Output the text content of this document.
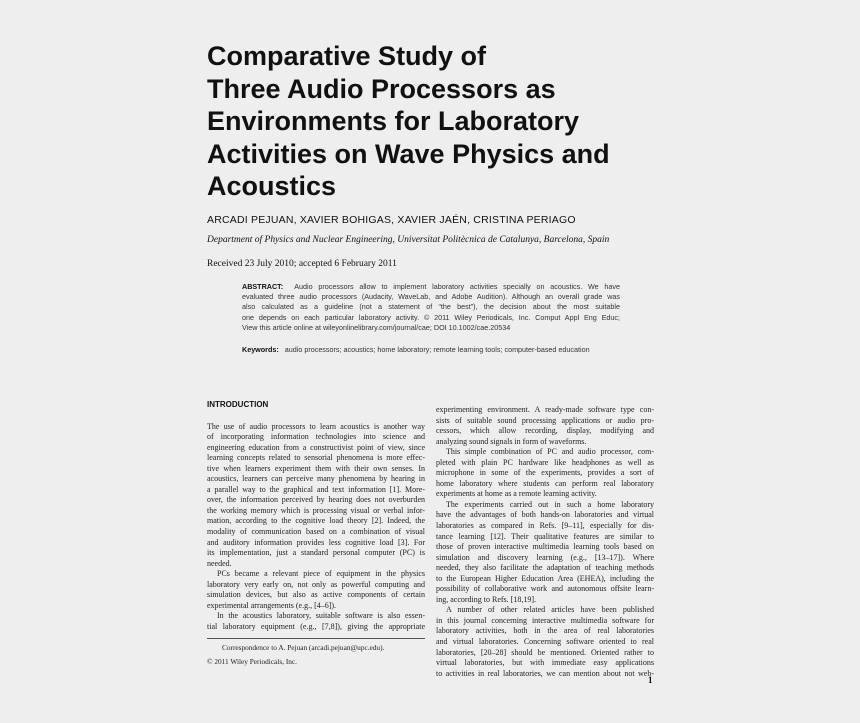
Comparative Study of
Three Audio Processors as
Environments for Laboratory
Activities on Wave Physics and
Acoustics
ARCADI PEJUAN, XAVIER BOHIGAS, XAVIER JAÉN, CRISTINA PERIAGO
Department of Physics and Nuclear Engineering, Universitat Politècnica de Catalunya, Barcelona, Spain
Received 23 July 2010; accepted 6 February 2011
ABSTRACT: Audio processors allow to implement laboratory activities specially on acoustics. We have
evaluated three audio processors (Audacity, WaveLab, and Adobe Audition). Although an overall grade was
also calculated as a guideline (not a statement of “the best”), the decision about the most suitable
one depends on each particular laboratory activity. © 2011 Wiley Periodicals, Inc. Comput Appl Eng Educ;
View this article online at wileyonlinelibrary.com/journal/cae; DOI 10.1002/cae.20534
Keywords: audio processors; acoustics; home laboratory; remote learning tools; computer-based education
INTRODUCTION
The use of audio processors to learn acoustics is another way
of incorporating information technologies into science and
engineering education from a constructivist point of view, since
learning concepts related to sensorial phenomena is more effec-
tive when learners experiment them with their own senses. In
acoustics, learners can perceive many phenomena by hearing in
a parallel way to the graphical and text information [1]. More-
over, the information perceived by hearing does not overburden
the working memory which is processing visual or verbal infor-
mation, according to the cognitive load theory [2]. Indeed, the
modality of communication based on a combination of visual
and auditory information provides less cognitive load [3]. For
its implementation, just a standard personal computer (PC) is
needed.
PCs became a relevant piece of equipment in the physics
laboratory very early on, not only as powerful computing and
simulation devices, but also as active components of certain
experimental arrangements (e.g., [4–6]).
In the acoustics laboratory, suitable software is also essen-
tial laboratory equipment (e.g., [7,8]), giving the appropriate
experimenting environment. A ready-made software type con-
sists of suitable sound processing applications or audio pro-
cessors, which allow recording, display, modifying and
analyzing sound signals in form of waveforms.
This simple combination of PC and audio processor, com-
pleted with plain PC hardware like headphones as well as
microphone in some of the experiments, provides a sort of
home laboratory where students can perform real laboratory
experiments at home as a remote learning activity.
The experiments carried out in such a home laboratory
have the advantages of both hands-on laboratories and virtual
laboratories as compared in Refs. [9–11], especially for dis-
tance learning [12]. Their qualitative features are similar to
those of proven interactive multimedia learning tools based on
simulation and discovery learning (e.g., [13–17]). Where
needed, they also facilitate the adaptation of teaching methods
to the European Higher Education Area (EHEA), including the
possibility of collaborative work and autonomous offsite learn-
ing, according to Refs. [18,19].
A number of other related articles have been published
in this journal concerning interactive multimedia software for
laboratory activities, both in the area of real laboratories
and virtual laboratories. Concerning software oriented to real
laboratories, [20–28] should be mentioned. Oriented rather to
virtual laboratories, but with immediate easy applications
to activities in real laboratories, we can mention about not web-
Correspondence to A. Pejuan (arcadi.pejuan@upc.edu).
© 2011 Wiley Periodicals, Inc.
1
